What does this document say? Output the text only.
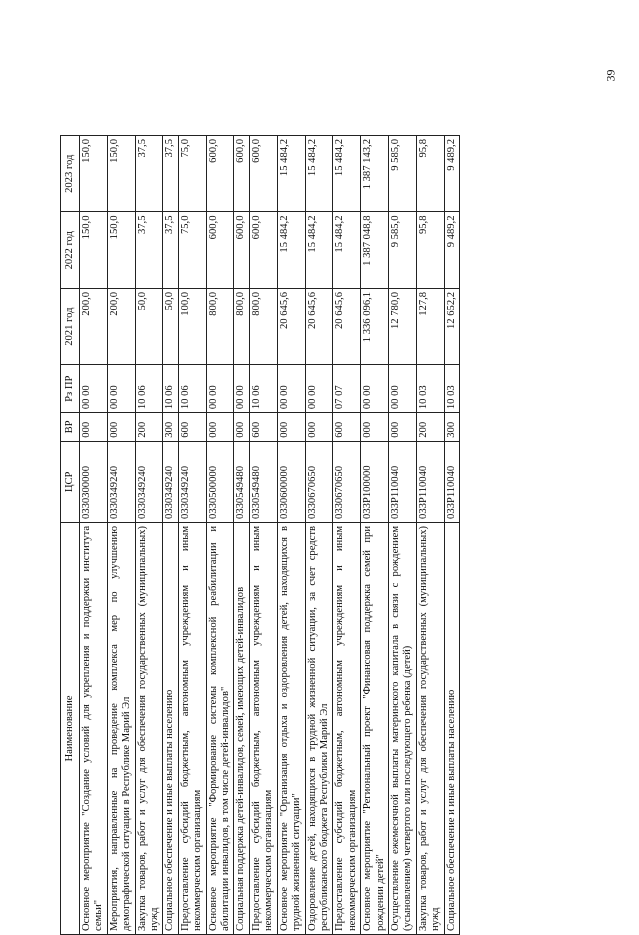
39
Наименование	ЦСР	ВР	Рз ПР	2021 год	2022 год	2023 год
Основное мероприятие "Создание условий для укрепления и поддержки института семьи"	0330300000	000	00 00	200,0	150,0	150,0
Мероприятия, направленные на проведение комплекса мер по улучшению демографической ситуации в Республике Марий Эл	0330349240	000	00 00	200,0	150,0	150,0
Закупка товаров, работ и услуг для обеспечения государственных (муниципальных) нужд	0330349240	200	10 06	50,0	37,5	37,5
Социальное обеспечение и иные выплаты населению	0330349240	300	10 06	50,0	37,5	37,5
Предоставление субсидий бюджетным, автономным учреждениям и иным некоммерческим организациям	0330349240	600	10 06	100,0	75,0	75,0
Основное мероприятие "Формирование системы комплексной реабилитации и абилитации инвалидов, в том числе детей-инвалидов"	0330500000	000	00 00	800,0	600,0	600,0
Социальная поддержка детей-инвалидов, семей, имеющих детей-инвалидов	0330549480	000	00 00	800,0	600,0	600,0
Предоставление субсидий бюджетным, автономным учреждениям и иным некоммерческим организациям	0330549480	600	10 06	800,0	600,0	600,0
Основное мероприятие "Организация отдыха и оздоровления детей, находящихся в трудной жизненной ситуации"	0330600000	000	00 00	20 645,6	15 484,2	15 484,2
Оздоровление детей, находящихся в трудной жизненной ситуации, за счет средств республиканского бюджета Республики Марий Эл	0330670650	000	00 00	20 645,6	15 484,2	15 484,2
Предоставление субсидий бюджетным, автономным учреждениям и иным некоммерческим организациям	0330670650	600	07 07	20 645,6	15 484,2	15 484,2
Основное мероприятие "Региональный проект "Финансовая поддержка семей при рождении детей"	033P100000	000	00 00	1 336 096,1	1 387 048,8	1 387 143,2
Осуществление ежемесячной выплаты материнского капитала в связи с рождением (усыновлением) четвертого или последующего ребенка (детей)	033P110040	000	00 00	12 780,0	9 585,0	9 585,0
Закупка товаров, работ и услуг для обеспечения государственных (муниципальных) нужд	033P110040	200	10 03	127,8	95,8	95,8
Социальное обеспечение и иные выплаты населению	033P110040	300	10 03	12 652,2	9 489,2	9 489,2
